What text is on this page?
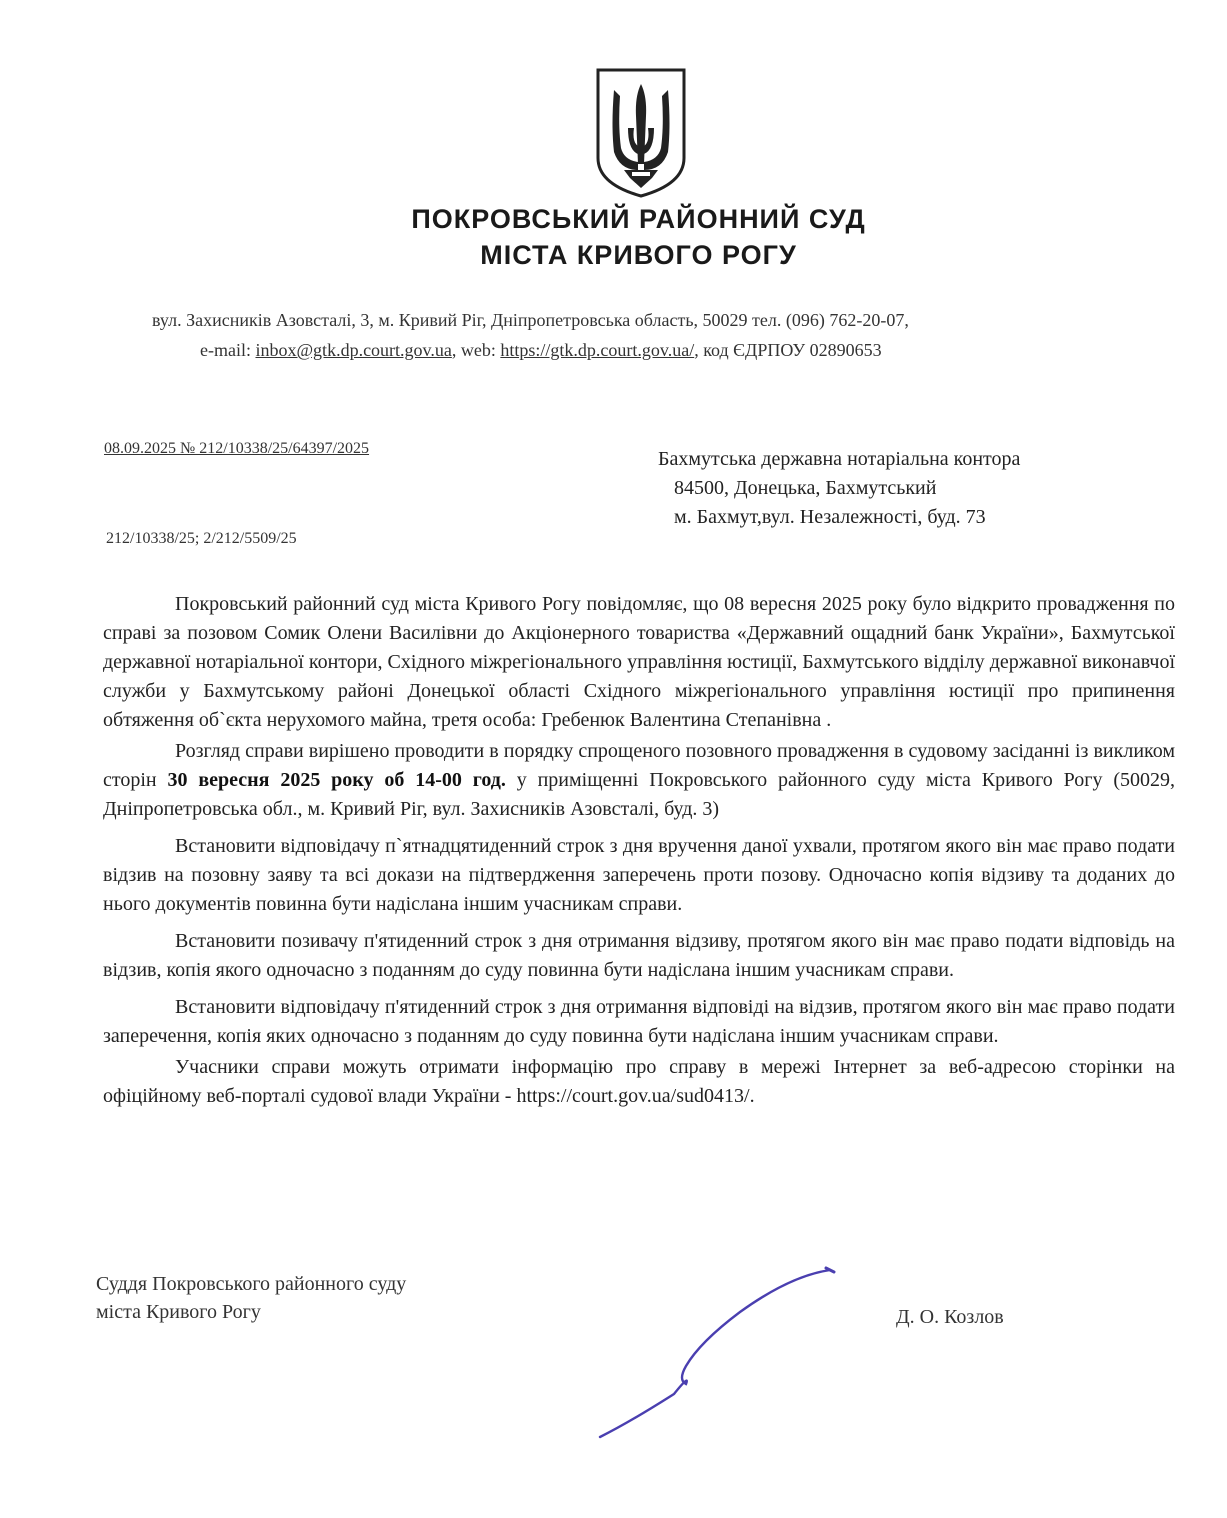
ПОКРОВСЬКИЙ РАЙОННИЙ СУД
МІСТА КРИВОГО РОГУ
вул. Захисників Азовсталі, 3, м. Кривий Ріг, Дніпропетровська область, 50029 тел. (096) 762-20-07,
e-mail: inbox@gtk.dp.court.gov.ua, web: https://gtk.dp.court.gov.ua/, код ЄДРПОУ 02890653
08.09.2025 № 212/10338/25/64397/2025
212/10338/25; 2/212/5509/25
Бахмутська державна нотаріальна контора
84500, Донецька, Бахмутський
м. Бахмут,вул. Незалежності, буд. 73

Покровський районний суд міста Кривого Рогу повідомляє, що 08 вересня 2025 року було відкрито провадження по справі за позовом Сомик Олени Василівни до Акціонерного товариства «Державний ощадний банк України», Бахмутської державної нотаріальної контори, Східного міжрегіонального управління юстиції, Бахмутського відділу державної виконавчої служби у Бахмутському районі Донецької області Східного міжрегіонального управління юстиції про припинення обтяження об`єкта нерухомого майна, третя особа: Гребенюк Валентина Степанівна .

Розгляд справи вирішено проводити в порядку спрощеного позовного провадження в судовому засіданні із викликом сторін 30 вересня 2025 року об 14-00 год. у приміщенні Покровського районного суду міста Кривого Рогу (50029, Дніпропетровська обл., м. Кривий Ріг, вул. Захисників Азовсталі, буд. 3)

Встановити відповідачу п`ятнадцятиденний строк з дня вручення даної ухвали, протягом якого він має право подати відзив на позовну заяву та всі докази на підтвердження заперечень проти позову. Одночасно копія відзиву та доданих до нього документів повинна бути надіслана іншим учасникам справи.

Встановити позивачу п'ятиденний строк з дня отримання відзиву, протягом якого він має право подати відповідь на відзив, копія якого одночасно з поданням до суду повинна бути надіслана іншим учасникам справи.

Встановити відповідачу п'ятиденний строк з дня отримання відповіді на відзив, протягом якого він має право подати заперечення, копія яких одночасно з поданням до суду повинна бути надіслана іншим учасникам справи.

Учасники справи можуть отримати інформацію про справу в мережі Інтернет за веб-адресою сторінки на офіційному веб-порталі судової влади України - https://court.gov.ua/sud0413/.

Суддя Покровського районного суду
міста Кривого Рогу	Д. О. Козлов
